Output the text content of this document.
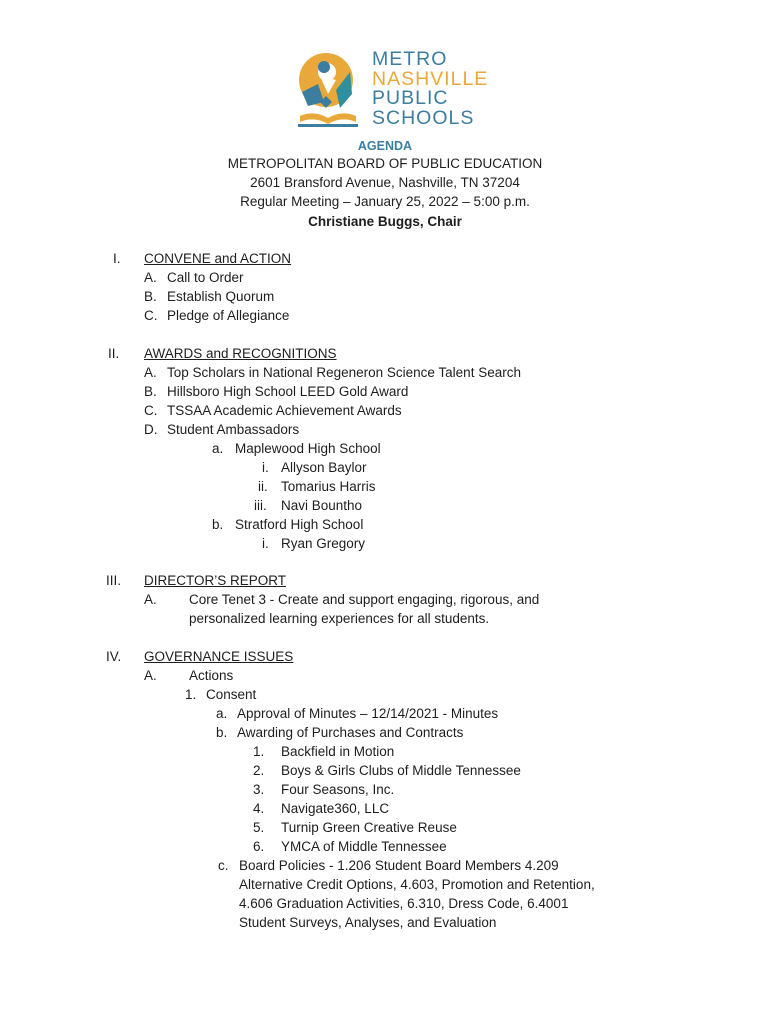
METRO
NASHVILLE
PUBLIC
SCHOOLS
AGENDA
METROPOLITAN BOARD OF PUBLIC EDUCATION
2601 Bransford Avenue, Nashville, TN 37204
Regular Meeting – January 25, 2022 – 5:00 p.m.
Christiane Buggs, Chair
I. CONVENE and ACTION
A. Call to Order
B. Establish Quorum
C. Pledge of Allegiance
II. AWARDS and RECOGNITIONS
A. Top Scholars in National Regeneron Science Talent Search
B. Hillsboro High School LEED Gold Award
C. TSSAA Academic Achievement Awards
D. Student Ambassadors
a. Maplewood High School
i. Allyson Baylor
ii. Tomarius Harris
iii. Navi Bountho
b. Stratford High School
i. Ryan Gregory
III. DIRECTOR’S REPORT
A. Core Tenet 3 - Create and support engaging, rigorous, and
personalized learning experiences for all students.
IV. GOVERNANCE ISSUES
A. Actions
1. Consent
a. Approval of Minutes – 12/14/2021 - Minutes
b. Awarding of Purchases and Contracts
1. Backfield in Motion
2. Boys & Girls Clubs of Middle Tennessee
3. Four Seasons, Inc.
4. Navigate360, LLC
5. Turnip Green Creative Reuse
6. YMCA of Middle Tennessee
c. Board Policies - 1.206 Student Board Members 4.209
Alternative Credit Options, 4.603, Promotion and Retention,
4.606 Graduation Activities, 6.310, Dress Code, 6.4001
Student Surveys, Analyses, and Evaluation
